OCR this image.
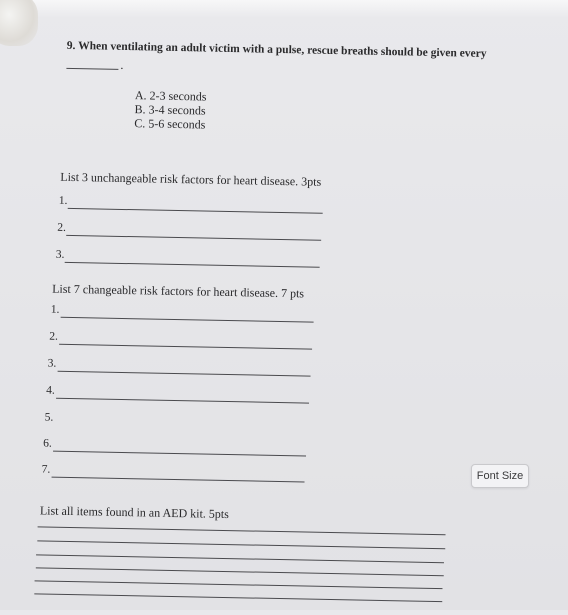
9. When ventilating an adult victim with a pulse, rescue breaths should be given every
.
A. 2-3 seconds
B. 3-4 seconds
C. 5-6 seconds
List 3 unchangeable risk factors for heart disease. 3pts
1.
2.
3.
List 7 changeable risk factors for heart disease. 7 pts
1.
2.
3.
4.
5.
6.
7.
List all items found in an AED kit. 5pts
Font Size
